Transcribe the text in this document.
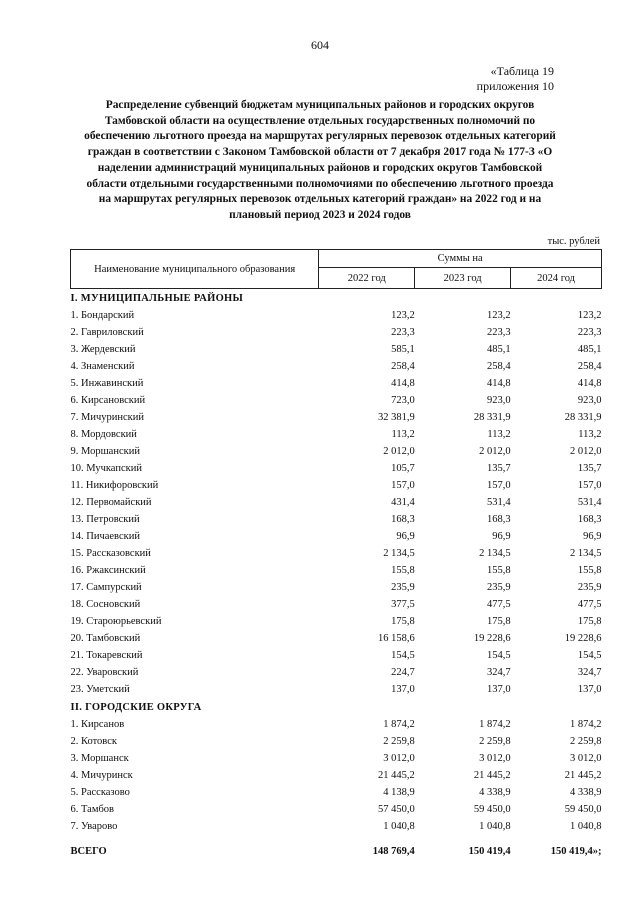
604
«Таблица 19
приложения 10
Распределение субвенций бюджетам муниципальных районов и городских округов Тамбовской области на осуществление отдельных государственных полномочий по обеспечению льготного проезда на маршрутах регулярных перевозок отдельных категорий граждан в соответствии с Законом Тамбовской области от 7 декабря 2017 года № 177-З «О наделении администраций муниципальных районов и городских округов Тамбовской области отдельными государственными полномочиями по обеспечению льготного проезда на маршрутах регулярных перевозок отдельных категорий граждан» на 2022 год и на плановый период 2023 и 2024 годов
тыс. рублей
Наименование муниципального образования	Суммы на		
	2022 год	2023 год	2024 год
I. МУНИЦИПАЛЬНЫЕ РАЙОНЫ			
1. Бондарский	123,2	123,2	123,2
2. Гавриловский	223,3	223,3	223,3
3. Жердевский	585,1	485,1	485,1
4. Знаменский	258,4	258,4	258,4
5. Инжавинский	414,8	414,8	414,8
6. Кирсановский	723,0	923,0	923,0
7. Мичуринский	32 381,9	28 331,9	28 331,9
8. Мордовский	113,2	113,2	113,2
9. Моршанский	2 012,0	2 012,0	2 012,0
10. Мучкапский	105,7	135,7	135,7
11. Никифоровский	157,0	157,0	157,0
12. Первомайский	431,4	531,4	531,4
13. Петровский	168,3	168,3	168,3
14. Пичаевский	96,9	96,9	96,9
15. Рассказовский	2 134,5	2 134,5	2 134,5
16. Ржаксинский	155,8	155,8	155,8
17. Сампурский	235,9	235,9	235,9
18. Сосновский	377,5	477,5	477,5
19. Староюрьевский	175,8	175,8	175,8
20. Тамбовский	16 158,6	19 228,6	19 228,6
21. Токаревский	154,5	154,5	154,5
22. Уваровский	224,7	324,7	324,7
23. Уметский	137,0	137,0	137,0
II. ГОРОДСКИЕ ОКРУГА			
1. Кирсанов	1 874,2	1 874,2	1 874,2
2. Котовск	2 259,8	2 259,8	2 259,8
3. Моршанск	3 012,0	3 012,0	3 012,0
4. Мичуринск	21 445,2	21 445,2	21 445,2
5. Рассказово	4 138,9	4 338,9	4 338,9
6. Тамбов	57 450,0	59 450,0	59 450,0
7. Уварово	1 040,8	1 040,8	1 040,8
ВСЕГО	148 769,4	150 419,4	150 419,4»;
